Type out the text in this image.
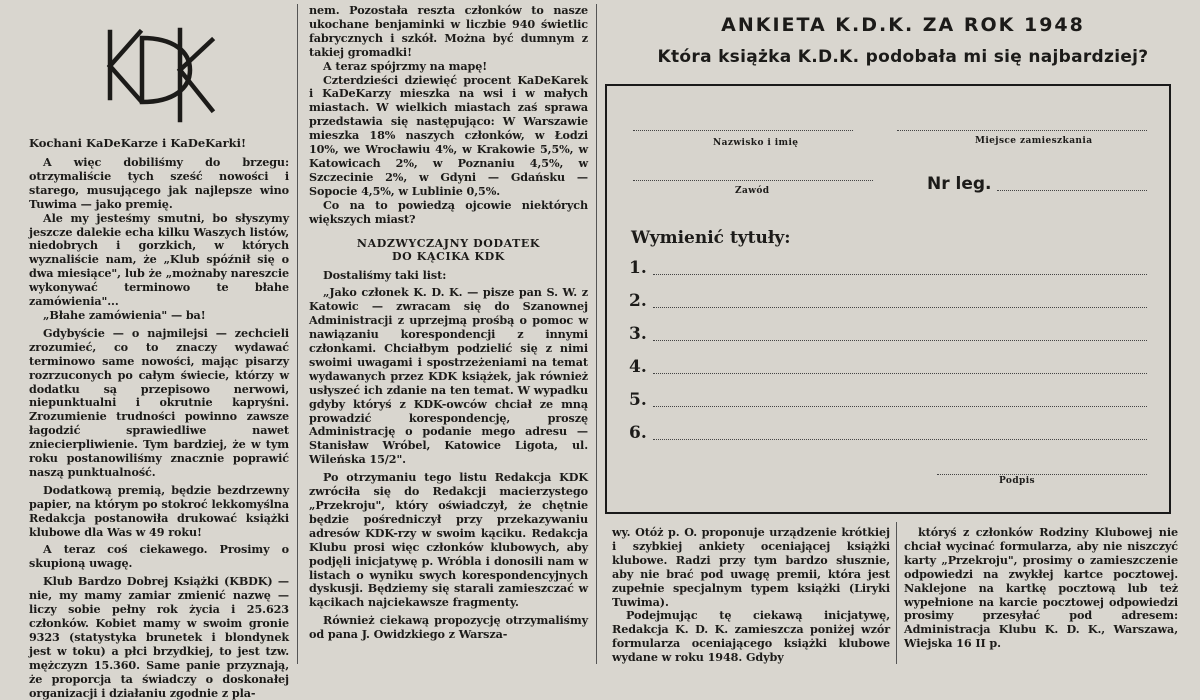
Kochani KaDeKarze i KaDeKarki!

A więc dobiliśmy do brzegu: otrzymaliście tych sześć nowości i starego, musującego jak najlepsze wino Tuwima — jako premię.

Ale my jesteśmy smutni, bo słyszymy jeszcze dalekie echa kilku Waszych listów, niedobrych i gorzkich, w których wyznaliście nam, że „Klub spóźnił się o dwa miesiące", lub że „możnaby nareszcie wykonywać terminowo te błahe zamówienia"...

„Błahe zamówienia" — ba!

Gdybyście — o najmilejsi — zechcieli zrozumieć, co to znaczy wydawać terminowo same nowości, mając pisarzy rozrzuconych po całym świecie, którzy w dodatku są przepisowo nerwowi, niepunktualni i okrutnie kapryśni. Zrozumienie trudności powinno zawsze łagodzić sprawiedliwe nawet zniecierpliwienie. Tym bardziej, że w tym roku postanowiliśmy znacznie poprawić naszą punktualność.

Dodatkową premią, będzie bezdrzewny papier, na którym po stokroć lekkomyślna Redakcja postanowiła drukować książki klubowe dla Was w 49 roku!

A teraz coś ciekawego. Prosimy o skupioną uwagę.

Klub Bardzo Dobrej Książki (KBDK) — nie, my mamy zamiar zmienić nazwę — liczy sobie pełny rok życia i 25.623 członków. Kobiet mamy w swoim gronie 9323 (statystyka brunetek i blondynek jest w toku) a płci brzydkiej, to jest tzw. mężczyzn 15.360. Same panie przyznają, że proporcja ta świadczy o doskonałej organizacji i działaniu zgodnie z pla-

nem. Pozostała reszta członków to nasze ukochane benjaminki w liczbie 940 świetlic fabrycznych i szkół. Można być dumnym z takiej gromadki!

A teraz spójrzmy na mapę!

Czterdzieści dziewięć procent KaDeKarek i KaDeKarzy mieszka na wsi i w małych miastach. W wielkich miastach zaś sprawa przedstawia się następująco: W Warszawie mieszka 18% naszych członków, w Łodzi 10%, we Wrocławiu 4%, w Krakowie 5,5%, w Katowicach 2%, w Poznaniu 4,5%, w Szczecinie 2%, w Gdyni — Gdańsku — Sopocie 4,5%, w Lublinie 0,5%.

Co na to powiedzą ojcowie niektórych większych miast?

NADZWYCZAJNY DODATEK
DO KĄCIKA KDK

Dostaliśmy taki list:

„Jako członek K. D. K. — pisze pan S. W. z Katowic — zwracam się do Szanownej Administracji z uprzejmą prośbą o pomoc w nawiązaniu korespondencji z innymi członkami. Chciałbym podzielić się z nimi swoimi uwagami i spostrzeżeniami na temat wydawanych przez KDK książek, jak również usłyszeć ich zdanie na ten temat. W wypadku gdyby któryś z KDK-owców chciał ze mną prowadzić korespondencję, proszę Administrację o podanie mego adresu — Stanisław Wróbel, Katowice Ligota, ul. Wileńska 15/2".

Po otrzymaniu tego listu Redakcja KDK zwróciła się do Redakcji macierzystego „Przekroju", który oświadczył, że chętnie będzie pośredniczył przy przekazywaniu adresów KDK-rzy w swoim kąciku. Redakcja Klubu prosi więc członków klubowych, aby podjęli inicjatywę p. Wróbla i donosili nam w listach o wyniku swych korespondencyjnych dyskusji. Będziemy się starali zamieszczać w kącikach najciekawsze fragmenty.

Również ciekawą propozycję otrzymaliśmy od pana J. Owidzkiego z Warsza-

ANKIETA K.D.K. ZA ROK 1948
Która książka K.D.K. podobała mi się najbardziej?
Nazwisko i imię	Miejsce zamieszkania
Zawód	Nr leg.
Wymienić tytuły:
1.
2.
3.
4.
5.
6.
Podpis

wy. Otóż p. O. proponuje urządzenie krótkiej i szybkiej ankiety oceniającej książki klubowe. Radzi przy tym bardzo słusznie, aby nie brać pod uwagę premii, która jest zupełnie specjalnym typem książki (Liryki Tuwima).

Podejmując tę ciekawą inicjatywę, Redakcja K. D. K. zamieszcza poniżej wzór formularza oceniającego książki klubowe wydane w roku 1948. Gdyby

któryś z członków Rodziny Klubowej nie chciał wycinać formularza, aby nie niszczyć karty „Przekroju", prosimy o zamieszczenie odpowiedzi na zwykłej kartce pocztowej. Naklejone na kartkę pocztową lub też wypełnione na karcie pocztowej odpowiedzi prosimy przesyłać pod adresem: Administracja Klubu K. D. K., Warszawa, Wiejska 16 II p.
